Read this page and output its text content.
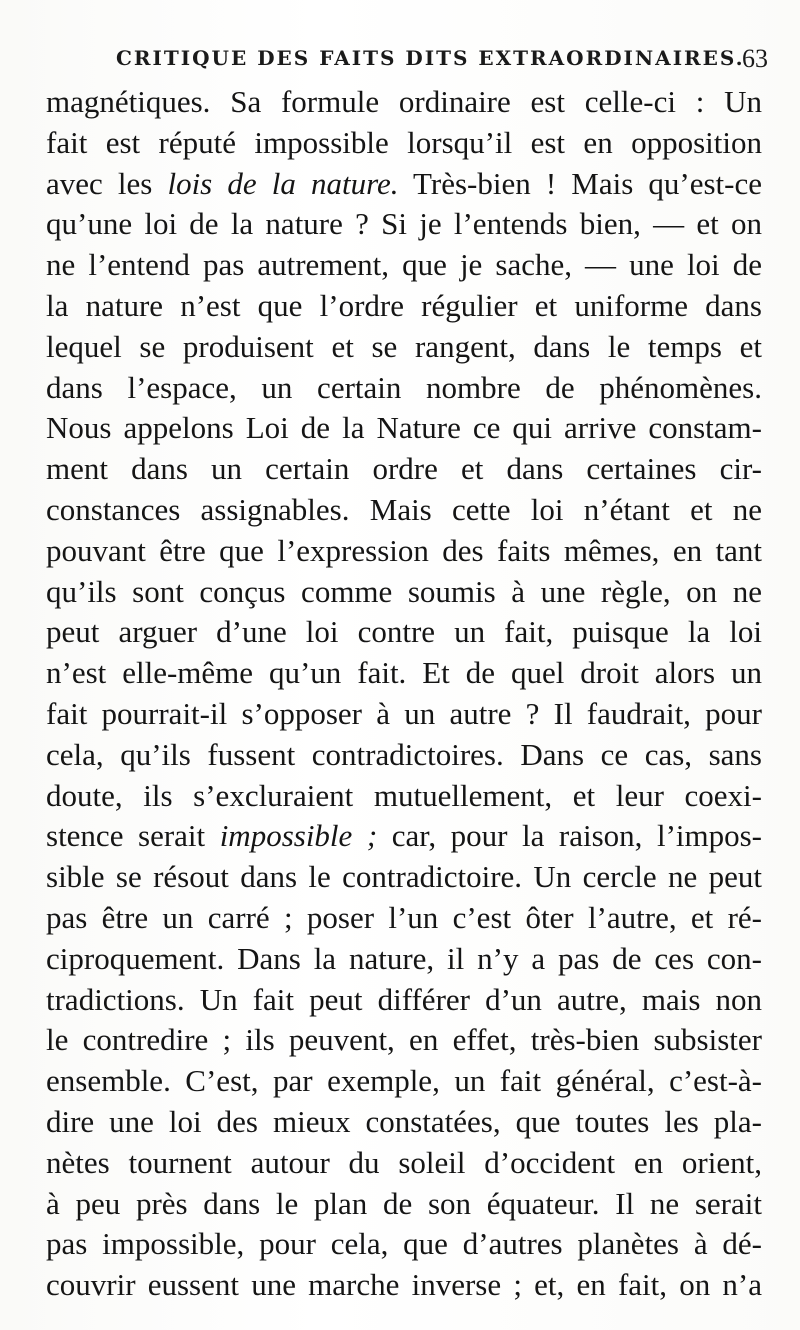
CRITIQUE DES FAITS DITS EXTRAORDINAIRES.
63
magnétiques. Sa formule ordinaire est celle-ci : Un
fait est réputé impossible lorsqu’il est en opposition
avec les lois de la nature. Très-bien ! Mais qu’est-ce
qu’une loi de la nature ? Si je l’entends bien, — et on
ne l’entend pas autrement, que je sache, — une loi de
la nature n’est que l’ordre régulier et uniforme dans
lequel se produisent et se rangent, dans le temps et
dans l’espace, un certain nombre de phénomènes.
Nous appelons Loi de la Nature ce qui arrive constam-
ment dans un certain ordre et dans certaines cir-
constances assignables. Mais cette loi n’étant et ne
pouvant être que l’expression des faits mêmes, en tant
qu’ils sont conçus comme soumis à une règle, on ne
peut arguer d’une loi contre un fait, puisque la loi
n’est elle-même qu’un fait. Et de quel droit alors un
fait pourrait-il s’opposer à un autre ? Il faudrait, pour
cela, qu’ils fussent contradictoires. Dans ce cas, sans
doute, ils s’excluraient mutuellement, et leur coexi-
stence serait impossible ; car, pour la raison, l’impos-
sible se résout dans le contradictoire. Un cercle ne peut
pas être un carré ; poser l’un c’est ôter l’autre, et ré-
ciproquement. Dans la nature, il n’y a pas de ces con-
tradictions. Un fait peut différer d’un autre, mais non
le contredire ; ils peuvent, en effet, très-bien subsister
ensemble. C’est, par exemple, un fait général, c’est-à-
dire une loi des mieux constatées, que toutes les pla-
nètes tournent autour du soleil d’occident en orient,
à peu près dans le plan de son équateur. Il ne serait
pas impossible, pour cela, que d’autres planètes à dé-
couvrir eussent une marche inverse ; et, en fait, on n’a
